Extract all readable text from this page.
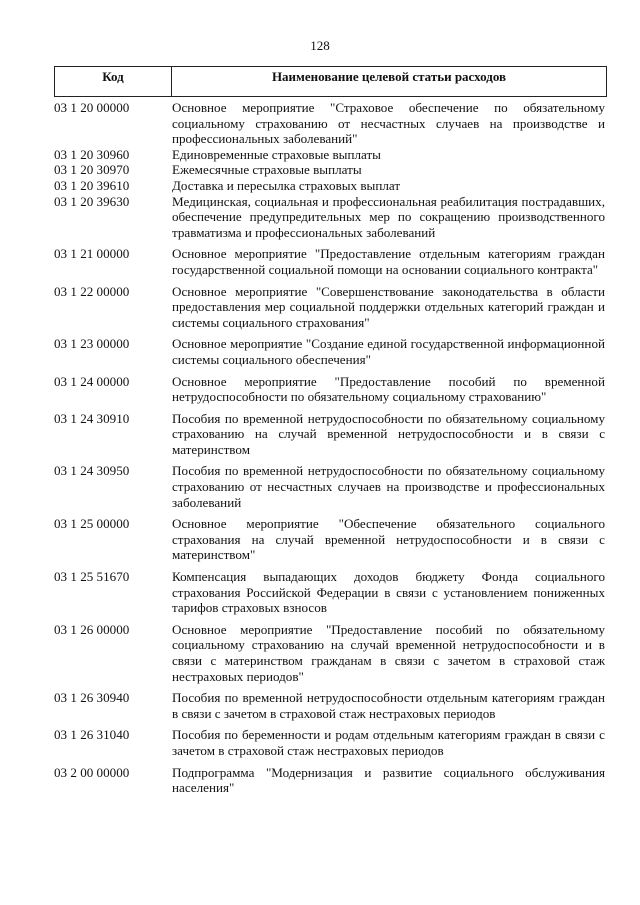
128
Код	Наименование целевой статьи расходов
03 1 20 00000	Основное мероприятие "Страховое обеспечение по обязательному социальному страхованию от несчастных случаев на производстве и профессиональных заболеваний"
03 1 20 30960	Единовременные страховые выплаты
03 1 20 30970	Ежемесячные страховые выплаты
03 1 20 39610	Доставка и пересылка страховых выплат
03 1 20 39630	Медицинская, социальная и профессиональная реабилитация пострадавших, обеспечение предупредительных мер по сокращению производственного травматизма и профессиональных заболеваний
03 1 21 00000	Основное мероприятие "Предоставление отдельным категориям граждан государственной социальной помощи на основании социального контракта"
03 1 22 00000	Основное мероприятие "Совершенствование законодательства в области предоставления мер социальной поддержки отдельных категорий граждан и системы социального страхования"
03 1 23 00000	Основное мероприятие "Создание единой государственной информационной системы социального обеспечения"
03 1 24 00000	Основное мероприятие "Предоставление пособий по временной нетрудоспособности по обязательному социальному страхованию"
03 1 24 30910	Пособия по временной нетрудоспособности по обязательному социальному страхованию на случай временной нетрудоспособности и в связи с материнством
03 1 24 30950	Пособия по временной нетрудоспособности по обязательному социальному страхованию от несчастных случаев на производстве и профессиональных заболеваний
03 1 25 00000	Основное мероприятие "Обеспечение обязательного социального страхования на случай временной нетрудоспособности и в связи с материнством"
03 1 25 51670	Компенсация выпадающих доходов бюджету Фонда социального страхования Российской Федерации в связи с установлением пониженных тарифов страховых взносов
03 1 26 00000	Основное мероприятие "Предоставление пособий по обязательному социальному страхованию на случай временной нетрудоспособности и в связи с материнством гражданам в связи с зачетом в страховой стаж нестраховых периодов"
03 1 26 30940	Пособия по временной нетрудоспособности отдельным категориям граждан в связи с зачетом в страховой стаж нестраховых периодов
03 1 26 31040	Пособия по беременности и родам отдельным категориям граждан в связи с зачетом в страховой стаж нестраховых периодов
03 2 00 00000	Подпрограмма "Модернизация и развитие социального обслуживания населения"
